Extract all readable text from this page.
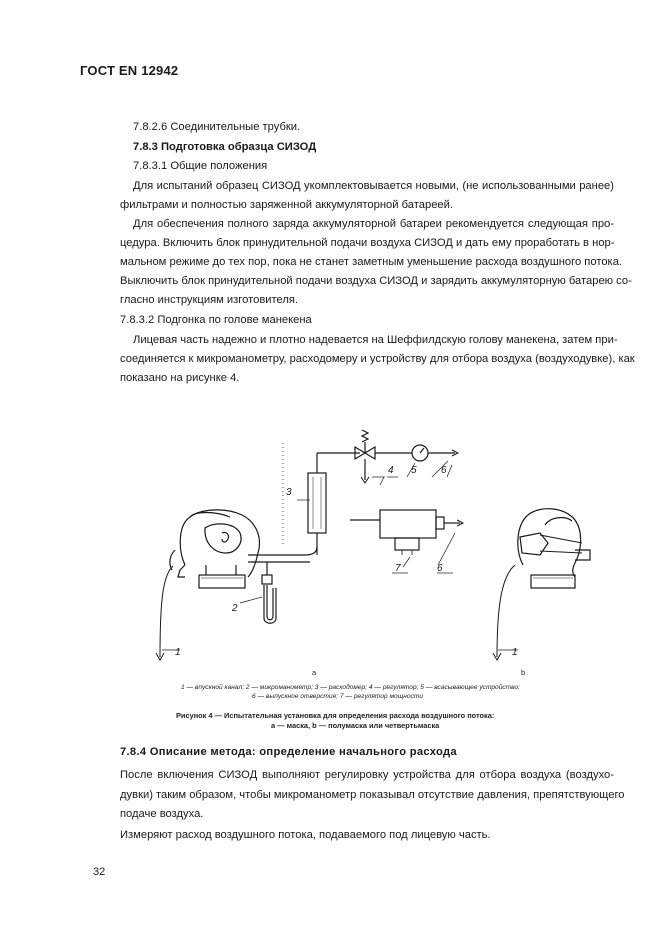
ГОСТ EN 12942
7.8.2.6 Соединительные трубки.
7.8.3 Подготовка образца СИЗОД
7.8.3.1 Общие положения
Для испытаний образец СИЗОД укомплектовывается новыми, (не использованными ранее)
фильтрами и полностью заряженной аккумуляторной батареей.
Для обеспечения полного заряда аккумуляторной батареи рекомендуется следующая про-
цедура. Включить блок принудительной подачи воздуха СИЗОД и дать ему проработать в нор-
мальном режиме до тех пор, пока не станет заметным уменьшение расхода воздушного потока.
Выключить блок принудительной подачи воздуха СИЗОД и зарядить аккумуляторную батарею со-
гласно инструкциям изготовителя.
7.8.3.2 Подгонка по голове манекена
Лицевая часть надежно и плотно надевается на Шеффилдскую голову манекена, затем при-
соединяется к микроманометру, расходомеру и устройству для отбора воздуха (воздуходувке), как
показано на рисунке 4.
3
2
4 5 6
6
7
1	1
a	b
1 — впускной канал; 2 — микроманометр; 3 — расходомер; 4 — регулятор; 5 — всасывающее устройство;
6 — выпускное отверстие; 7 — регулятор мощности
Рисунок 4 — Испытательная установка для определения расхода воздушного потока:
a — маска, b — полумаска или четвертьмаска
7.8.4 Описание метода: определение начального расхода
После включения СИЗОД выполняют регулировку устройства для отбора воздуха (воздухо-
дувки) таким образом, чтобы микроманометр показывал отсутствие давления, препятствующего
подаче воздуха.
Измеряют расход воздушного потока, подаваемого под лицевую часть.
32
